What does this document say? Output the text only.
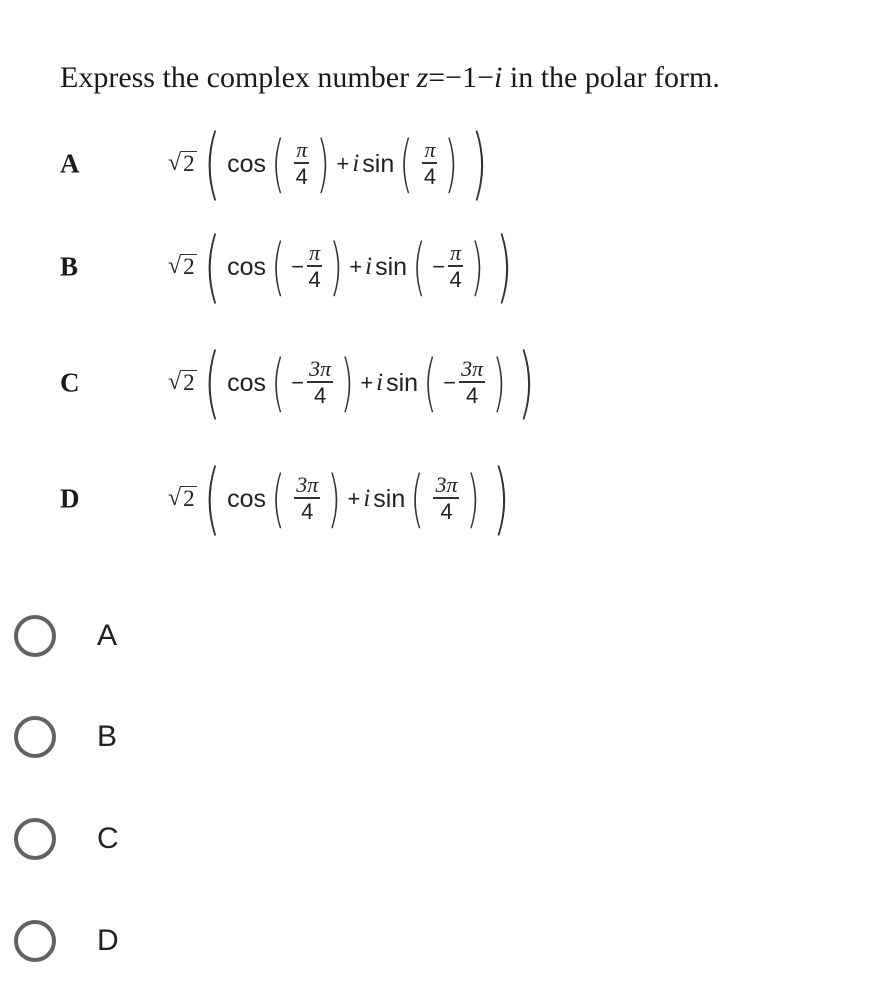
Express the complex number z=−1−i in the polar form.
A	√ 2 ( cos ( $\frac{\pi}{4}$ ) + i sin ( $\frac{\pi}{4}$ ) )
B	√ 2 ( cos ( − $\frac{\pi}{4}$ ) + i sin ( − $\frac{\pi}{4}$ ) )
C	√ 2 ( cos ( − $\frac{3\pi}{4}$ ) + i sin ( − $\frac{3\pi}{4}$ ) )
D	√ 2 ( cos ( $\frac{3\pi}{4}$ ) + i sin ( $\frac{3\pi}{4}$ ) )
A
B
C
D
